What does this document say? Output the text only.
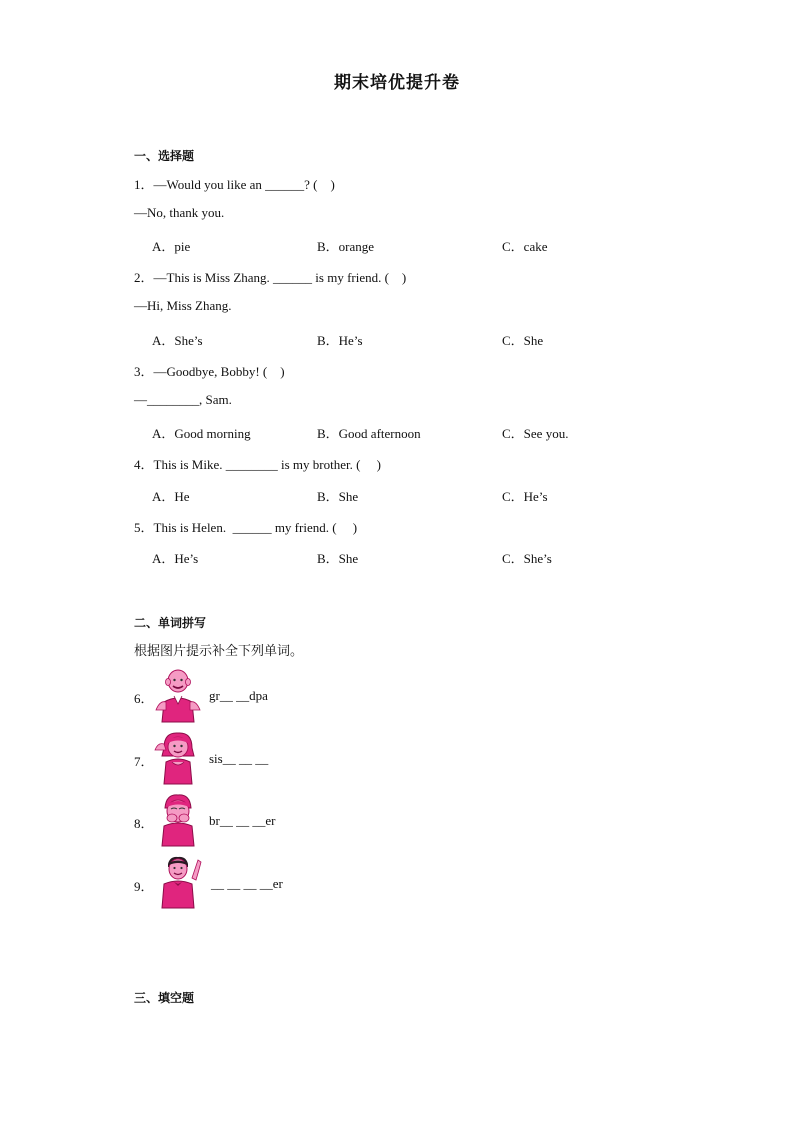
期末培优提升卷
一、选择题
1．—Would you like an ______? (    )
—No, thank you.
A．pie	B．orange	C．cake
2．—This is Miss Zhang. ______ is my friend. (    )
—Hi, Miss Zhang.
A．She’s	B．He’s	C．She
3．—Goodbye, Bobby! (    )
—________, Sam.
A．Good morning	B．Good afternoon	C．See you.
4．This is Mike. ________ is my brother. (     )
A．He	B．She	C．He’s
5．This is Helen.  ______ my friend. (     )
A．He’s	B．She	C．She’s
二、单词拼写
根据图片提示补全下列单词。
6．	gr__ __dpa
7．	sis__ __ __
8．	br__ __ __er
9．	__ __ __ __er
三、填空题
